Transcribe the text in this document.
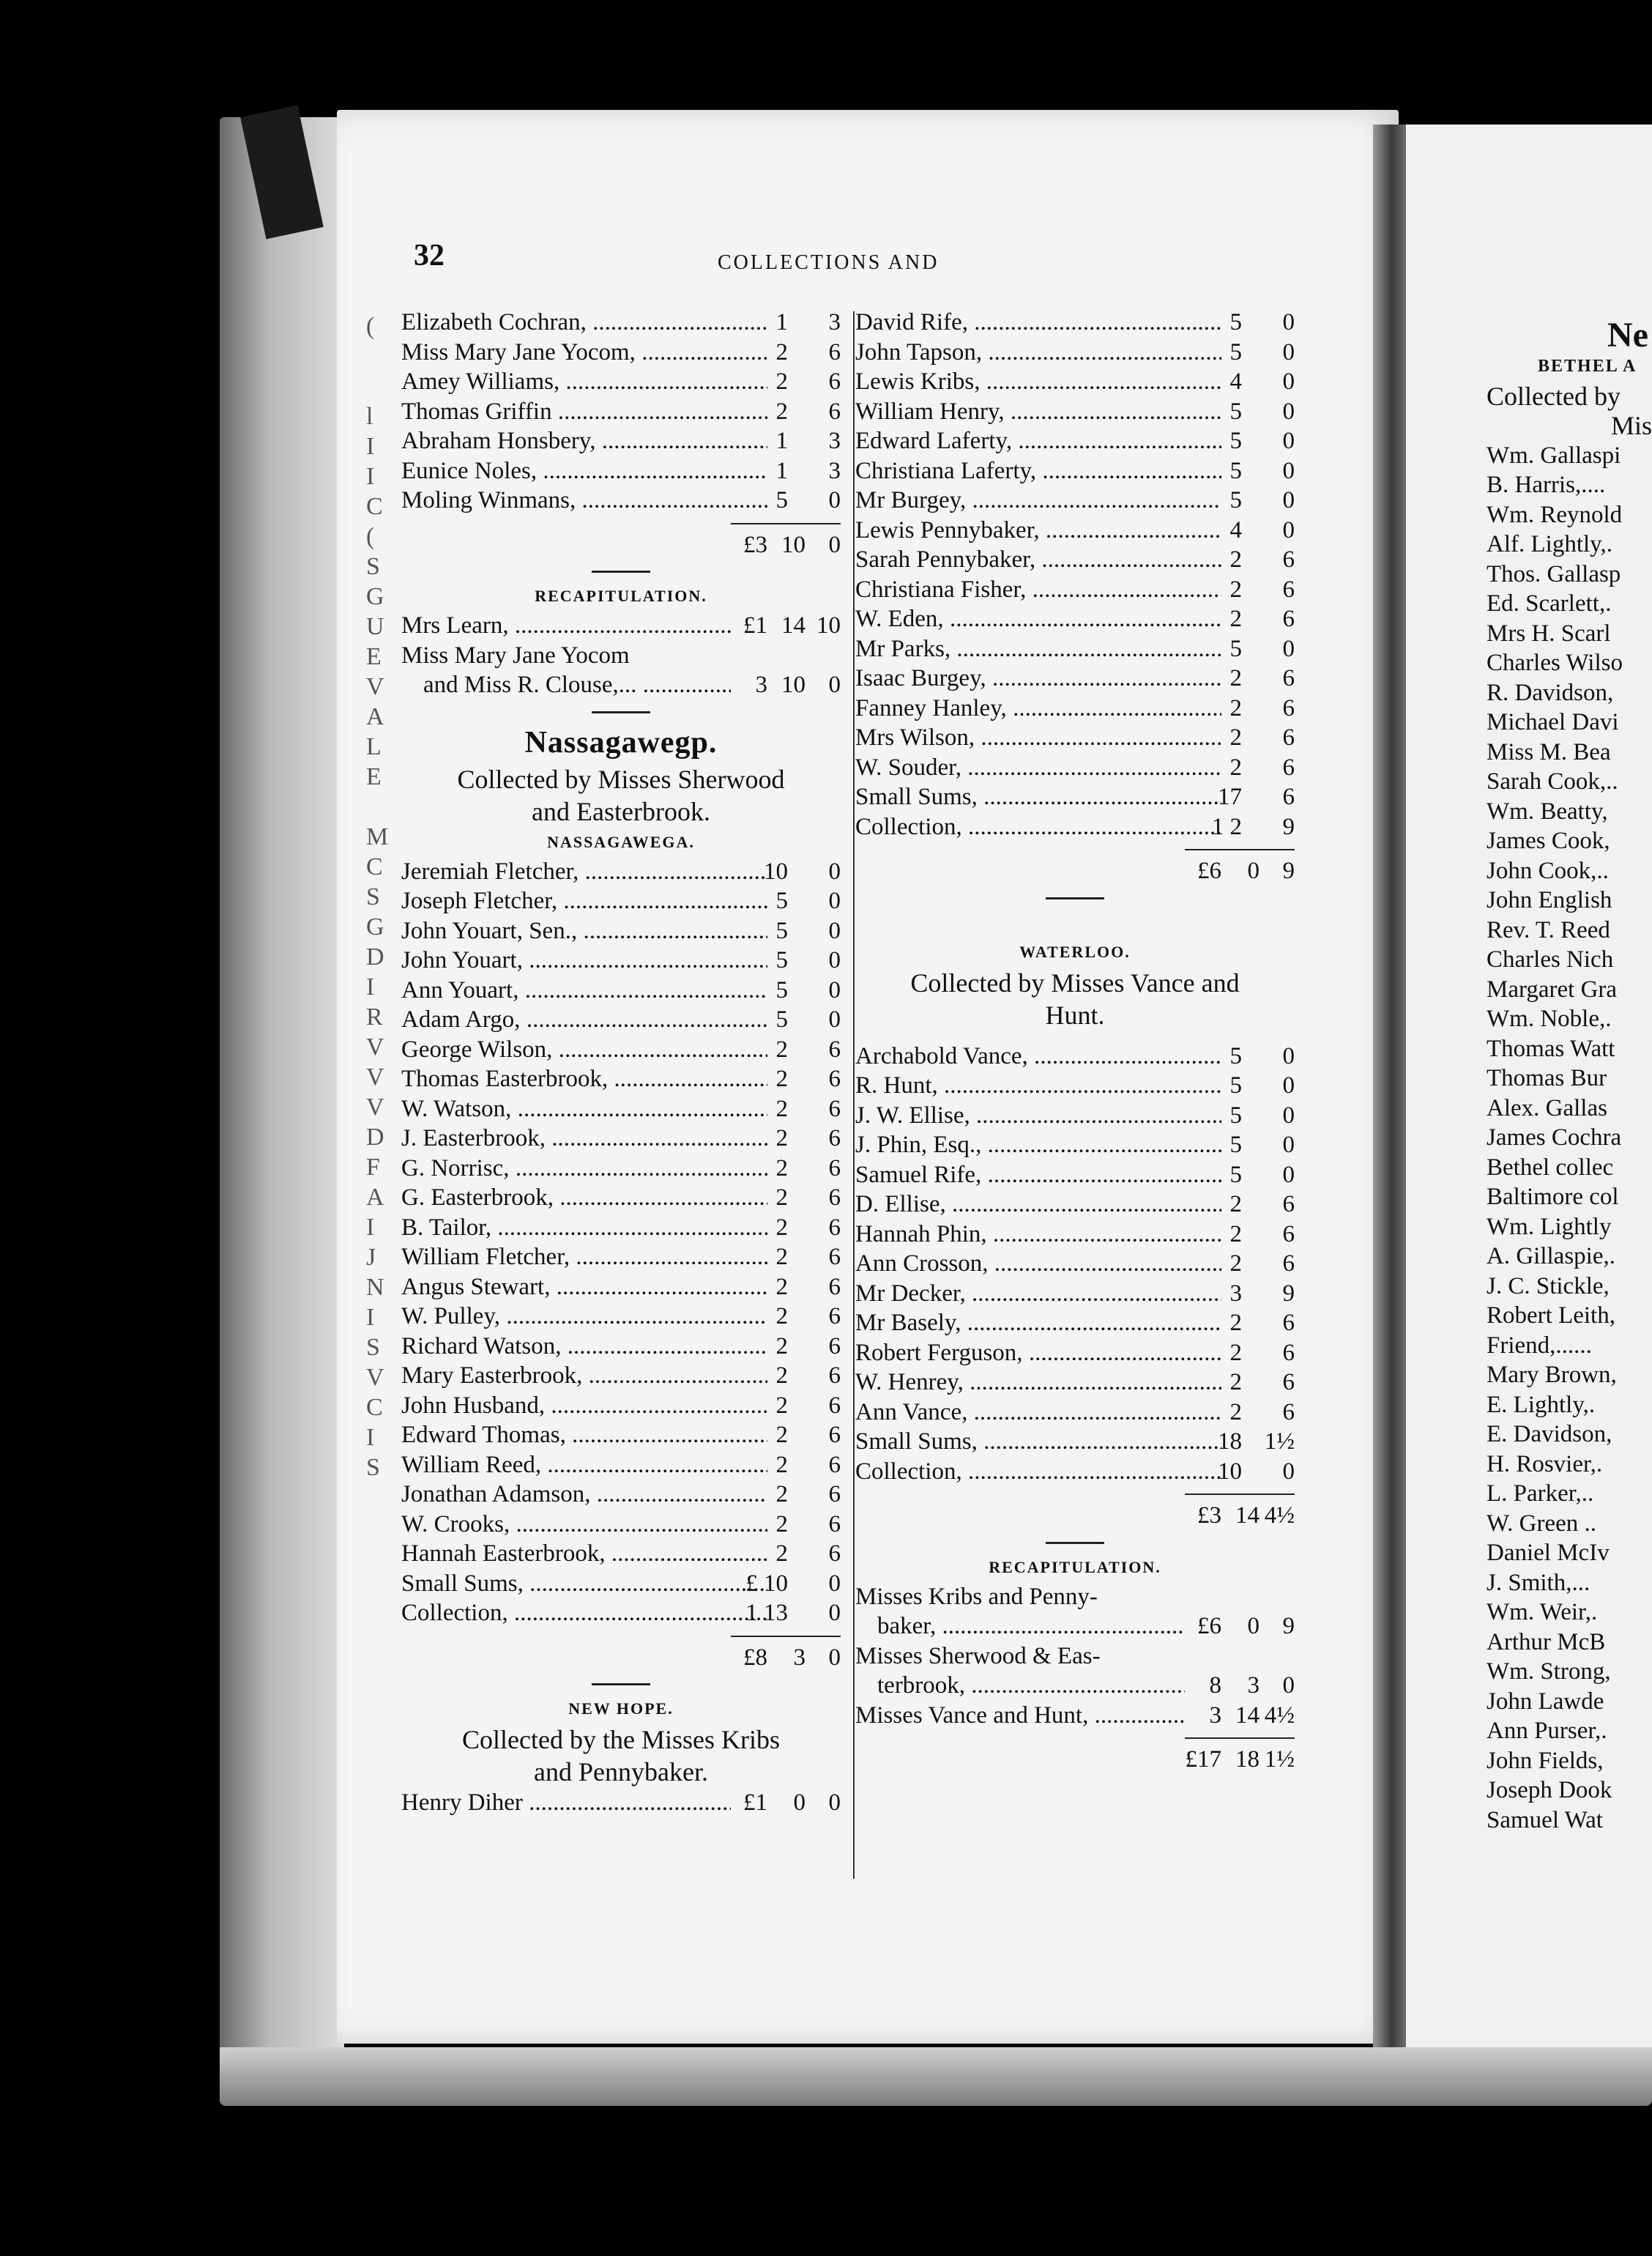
(
l
I
I
C
(
S
G
U
E
V
A
L
E
M
C
S
G
D
I
R
V
V
V
D
F
A
I
J
N
I
S
V
C
I
S
32	COLLECTIONS AND
Elizabeth Cochran, .....	1	3
Miss Mary Jane Yocom, .....	2	6
Amey Williams, .....	2	6
Thomas Griffin .....	2	6
Abraham Honsbery, .....	1	3
Eunice Noles, .....	1	3
Moling Winmans, .....	5	0
£3 10 0
RECAPITULATION.
Mrs Learn, .....	£1 14 10
Miss Mary Jane Yocom
and Miss R. Clouse,... .....	3 10 0
Nassagawegp.
Collected by Misses Sherwood
and Easterbrook.
NASSAGAWEGA.
Jeremiah Fletcher, .....	10	0
Joseph Fletcher, .....	5	0
John Youart, Sen., .....	5	0
John Youart, .....	5	0
Ann Youart, .....	5	0
Adam Argo, .....	5	0
George Wilson, .....	2	6
Thomas Easterbrook, .....	2	6
W. Watson, .....	2	6
J. Easterbrook, .....	2	6
G. Norrisc, .....	2	6
G. Easterbrook, .....	2	6
B. Tailor, .....	2	6
William Fletcher, .....	2	6
Angus Stewart, .....	2	6
W. Pulley, .....	2	6
Richard Watson, .....	2	6
Mary Easterbrook, .....	2	6
John Husband, .....	2	6
Edward Thomas, .....	2	6
William Reed, .....	2	6
Jonathan Adamson, .....	2	6
W. Crooks, .....	2	6
Hannah Easterbrook, .....	2	6
Small Sums, .....	£ 10	0
Collection, .....	1 13	0
£8	3 0
NEW HOPE.
Collected by the Misses Kribs
and Pennybaker.
Henry Diher .....	£1	0 0
David Rife, .....	5	0
John Tapson, .....	5	0
Lewis Kribs, .....	4	0
William Henry, .....	5	0
Edward Laferty, .....	5	0
Christiana Laferty, .....	5	0
Mr Burgey, .....	5	0
Lewis Pennybaker, .....	4	0
Sarah Pennybaker, .....	2	6
Christiana Fisher, .....	2	6
W. Eden, .....	2	6
Mr Parks, .....	5	0
Isaac Burgey, .....	2	6
Fanney Hanley, .....	2	6
Mrs Wilson, .....	2	6
W. Souder, .....	2	6
Small Sums, .....	17	6
Collection, .....	1 2	9
£6	0 9
WATERLOO.
Collected by Misses Vance and
Hunt.
Archabold Vance, .....	5	0
R. Hunt, .....	5	0
J. W. Ellise, .....	5	0
J. Phin, Esq., .....	5	0
Samuel Rife, .....	5	0
D. Ellise, .....	2	6
Hannah Phin, .....	2	6
Ann Crosson, .....	2	6
Mr Decker, .....	3	9
Mr Basely, .....	2	6
Robert Ferguson, .....	2	6
W. Henrey, .....	2	6
Ann Vance, .....	2	6
Small Sums, .....	18 1½
Collection, .....	10	0
£3 14 4½
RECAPITULATION.
Misses Kribs and Penny-
baker, .....	£6	0 9
Misses Sherwood & Eas-
terbrook, .....	8	3 0
Misses Vance and Hunt, .....	3 14 4½
£17 18 1½
Ne
BETHEL A
Collected by
Mis
Wm. Gallaspi
B. Harris,....
Wm. Reynold
Alf. Lightly,.
Thos. Gallasp
Ed. Scarlett,.
Mrs H. Scarl
Charles Wilso
R. Davidson,
Michael Davi
Miss M. Bea
Sarah Cook,..
Wm. Beatty,
James Cook,
John Cook,..
John English
Rev. T. Reed
Charles Nich
Margaret Gra
Wm. Noble,.
Thomas Watt
Thomas Bur
Alex. Gallas
James Cochra
Bethel collec
Baltimore col
Wm. Lightly
A. Gillaspie,.
J. C. Stickle,
Robert Leith,
Friend,......
Mary Brown,
E. Lightly,.
E. Davidson,
H. Rosvier,.
L. Parker,..
W. Green ..
Daniel McIv
J. Smith,...
Wm. Weir,.
Arthur McB
Wm. Strong,
John Lawde
Ann Purser,.
John Fields,
Joseph Dook
Samuel Wat
